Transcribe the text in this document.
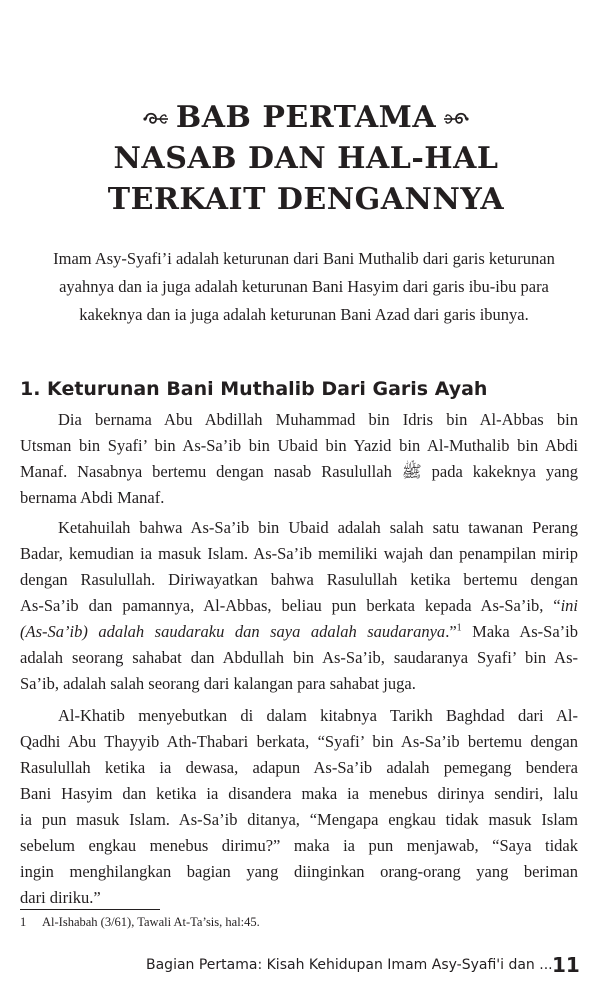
BAB PERTAMA
NASAB DAN HAL-HAL
TERKAIT DENGANNYA
Imam Asy-Syafi’i adalah keturunan dari Bani Muthalib dari garis keturunan
ayahnya dan ia juga adalah keturunan Bani Hasyim dari garis ibu-ibu para
kakeknya dan ia juga adalah keturunan Bani Azad dari garis ibunya.
1. Keturunan Bani Muthalib Dari Garis Ayah
Dia bernama Abu Abdillah Muhammad bin Idris bin Al-Abbas bin
Utsman bin Syafi’ bin As-Sa’ib bin Ubaid bin Yazid bin Al-Muthalib bin Abdi
Manaf. Nasabnya bertemu dengan nasab Rasulullah ﷺ pada kakeknya yang
bernama Abdi Manaf.
Ketahuilah bahwa As-Sa’ib bin Ubaid adalah salah satu tawanan Perang
Badar, kemudian ia masuk Islam. As-Sa’ib memiliki wajah dan penampilan mirip
dengan Rasulullah. Diriwayatkan bahwa Rasulullah ketika bertemu dengan
As-Sa’ib dan pamannya, Al-Abbas, beliau pun berkata kepada As-Sa’ib, “ini
(As-Sa’ib) adalah saudaraku dan saya adalah saudaranya.”$^1$ Maka As-Sa’ib
adalah seorang sahabat dan Abdullah bin As-Sa’ib, saudaranya Syafi’ bin As-
Sa’ib, adalah salah seorang dari kalangan para sahabat juga.
Al-Khatib menyebutkan di dalam kitabnya Tarikh Baghdad dari Al-
Qadhi Abu Thayyib Ath-Thabari berkata, “Syafi’ bin As-Sa’ib bertemu dengan
Rasulullah ketika ia dewasa, adapun As-Sa’ib adalah pemegang bendera
Bani Hasyim dan ketika ia disandera maka ia menebus dirinya sendiri, lalu
ia pun masuk Islam. As-Sa’ib ditanya, “Mengapa engkau tidak masuk Islam
sebelum engkau menebus dirimu?” maka ia pun menjawab, “Saya tidak
ingin menghilangkan bagian yang diinginkan orang-orang yang beriman
dari diriku.”
1 Al-Ishabah (3/61), Tawali At-Ta’sis, hal:45.
Bagian Pertama: Kisah Kehidupan Imam Asy-Syafi'i dan ... 11
